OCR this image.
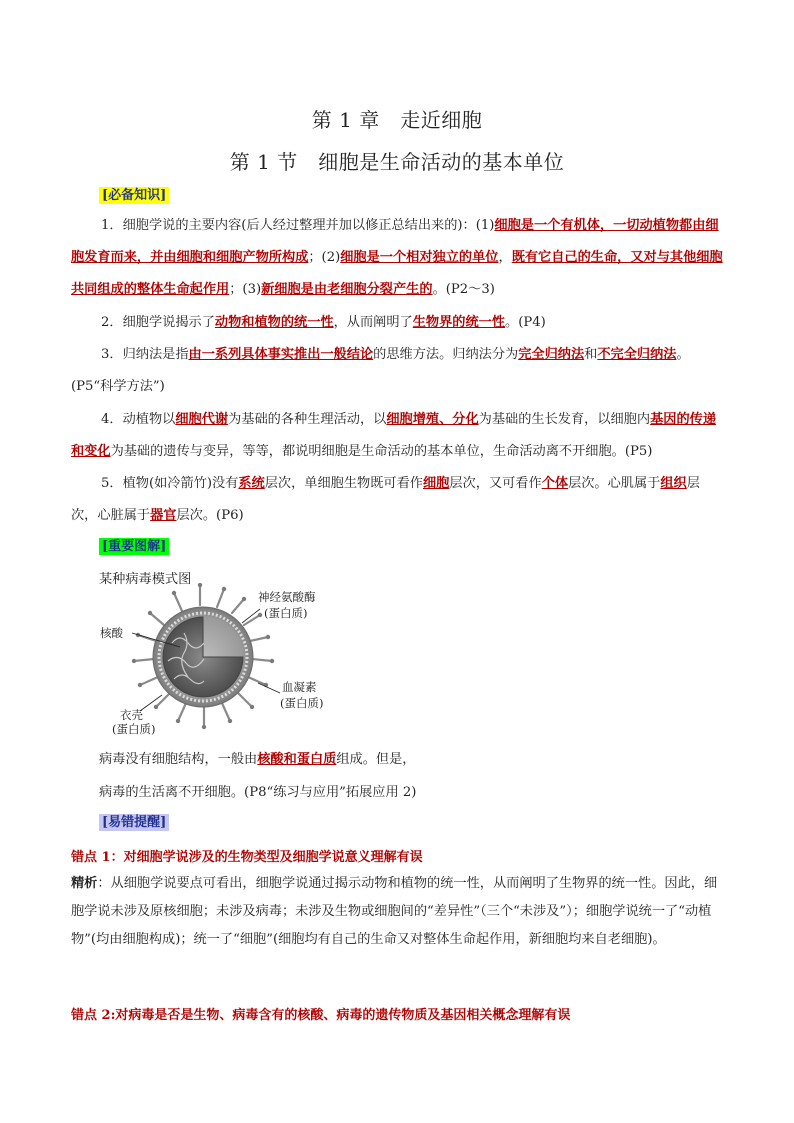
第 1 章　走近细胞
第 1 节　细胞是生命活动的基本单位
[必备知识]
1．细胞学说的主要内容(后人经过整理并加以修正总结出来的)：(1)细胞是一个有机体，一切动植物都由细胞发育而来，并由细胞和细胞产物所构成；(2)细胞是一个相对独立的单位，既有它自己的生命，又对与其他细胞共同组成的整体生命起作用；(3)新细胞是由老细胞分裂产生的。(P2～3)
2．细胞学说揭示了动物和植物的统一性，从而阐明了生物界的统一性。(P4)
3．归纳法是指由一系列具体事实推出一般结论的思维方法。归纳法分为完全归纳法和不完全归纳法。(P5“科学方法”)
4．动植物以细胞代谢为基础的各种生理活动，以细胞增殖、分化为基础的生长发育，以细胞内基因的传递和变化为基础的遗传与变异，等等，都说明细胞是生命活动的基本单位，生命活动离不开细胞。(P5)
5．植物(如冷箭竹)没有系统层次，单细胞生物既可看作细胞层次，又可看作个体层次。心肌属于组织层次，心脏属于器官层次。(P6)
[重要图解]
某种病毒模式图
神经氨酸酶
(蛋白质)
核酸
血凝素
(蛋白质)
衣壳
(蛋白质)
病毒没有细胞结构，一般由核酸和蛋白质组成。但是，
病毒的生活离不开细胞。(P8“练习与应用”拓展应用 2)
[易错提醒]
错点 1：对细胞学说涉及的生物类型及细胞学说意义理解有误
精析：从细胞学说要点可看出，细胞学说通过揭示动物和植物的统一性，从而阐明了生物界的统一性。因此，细胞学说未涉及原核细胞；未涉及病毒；未涉及生物或细胞间的“差异性”（三个“未涉及”）；细胞学说统一了“动植物”(均由细胞构成)；统一了“细胞”(细胞均有自己的生命又对整体生命起作用，新细胞均来自老细胞)。
错点 2:对病毒是否是生物、病毒含有的核酸、病毒的遗传物质及基因相关概念理解有误
